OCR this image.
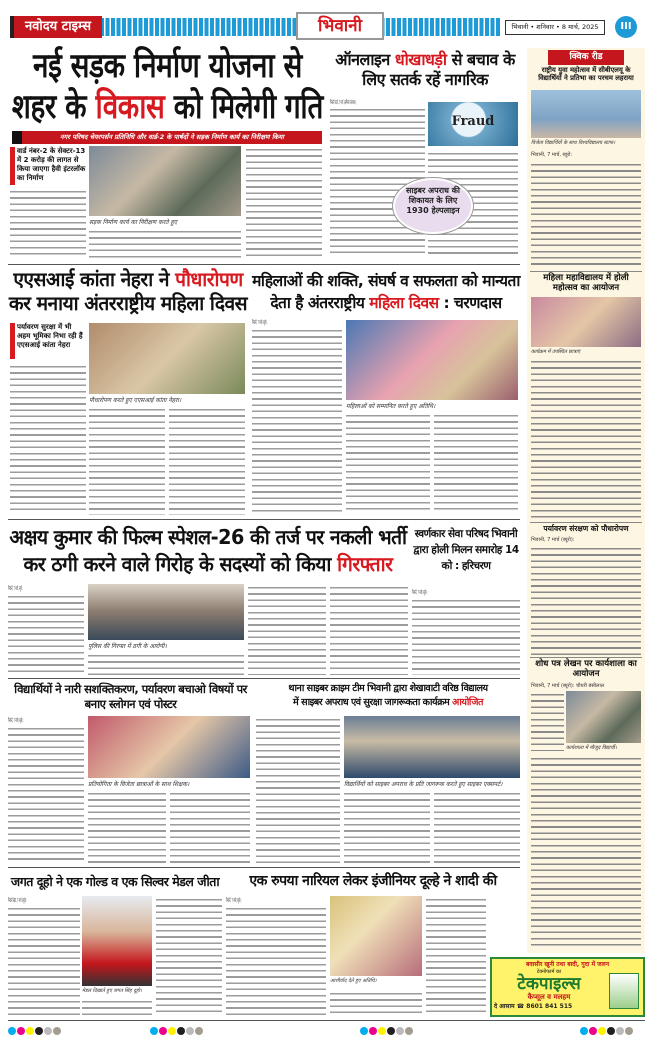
नवोदय टाइम्स	भिवानी	भिवानी • शनिवार • 8 मार्च, 2025	III
नई सड़क निर्माण योजना से
शहर के विकास को मिलेगी गति
नगर परिषद चेयरपर्सन प्रतिनिधि और वार्ड-2 के पार्षदों ने सड़क निर्माण कार्य का निरीक्षण किया
वार्ड नंबर-2 के सेक्टर-13 में 2 करोड़ की लागत से किया जाएगा हैवी इंटरलॉक का निर्माण
सड़क निर्माण कार्य का निरीक्षण करते हुए
ऑनलाइन धोखाधड़ी से बचाव के लिए सतर्क रहें नागरिक
भिवानी कार्ड, 7 मार्च (अभिनव सांगवान):
Fraud
साइबर अपराध की शिकायत के लिए 1930 हेल्पलाइन
क्विक रीड
राष्ट्रीय युवा महोत्सव में सीबीएलयू के विद्यार्थियों ने प्रतिभा का परचम लहराया
विजेता विद्यार्थियों के साथ विश्वविद्यालय स्टाफ।
भिवानी, 7 मार्च, ब्यूरो:
महिला महाविद्यालय में होली महोत्सव का आयोजन
कार्यक्रम में उपस्थित छात्राएं
पर्यावरण संरक्षण को पौधारोपण
भिवानी, 7 मार्च (ब्यूरो):
शोध पत्र लेखन पर कार्यशाला का आयोजन
भिवानी, 7 मार्च (ब्यूरो): चौधरी बंसीलाल
कार्यशाला में मौजूद विद्यार्थी।
एएसआई कांता नेहरा ने पौधारोपण
कर मनाया अंतरराष्ट्रीय महिला दिवस
पर्यावरण सुरक्षा में भी अहम भूमिका निभा रही हैं एएसआई कांता नेहरा
पौधारोपण करते हुए एएसआई कांता नेहरा।
महिलाओं की शक्ति, संघर्ष व सफलता को मान्यता
देता है अंतरराष्ट्रीय महिला दिवस : चरणदास
भिवानी, 7 मार्च (ब्यूरो):
महिलाओं को सम्मानित करते हुए अतिथि।
अक्षय कुमार की फिल्म स्पेशल-26 की तर्ज पर नकली भर्ती
कर ठगी करने वाले गिरोह के सदस्यों को किया गिरफ्तार
भिवानी, 7 मार्च, ब्यूरो:
पुलिस की गिरफ्त में ठगी के आरोपी।
स्वर्णकार सेवा परिषद भिवानी द्वारा होली मिलन समारोह 14 को : हरिचरण
भिवानी, 7 मार्च (ब्यूरो):
विद्यार्थियों ने नारी सशक्तिकरण, पर्यावरण बचाओ विषयों पर बनाए स्लोगन एवं पोस्टर
भिवानी, 7 मार्च (ब्यूरो):
प्रतियोगिता के विजेता छात्राओं के साथ शिक्षक।
थाना साइबर क्राइम टीम भिवानी द्वारा शेखावाटी वरिष्ठ विद्यालय
में साइबर अपराध एवं सुरक्षा जागरूकता कार्यक्रम आयोजित
विद्यार्थियों को साइबर अपराध के प्रति जागरूक करते हुए साइबर एक्सपर्ट।
जगत दूहो ने एक गोल्ड व एक सिल्वर मेडल जीता
भिवानी खेड़ा, 7 मार्च (ब्यूरो):
मेडल दिखाते हुए जगत सिंह दूहो।
एक रुपया नारियल लेकर इंजीनियर दूल्हे ने शादी की
भिवानी, 7 मार्च (ब्यूरो):
आशीर्वाद देते हुए अतिथि।
बवासीर खूनी तथा बादी, गुदा में जलन
टेक्नोफार्म का
टेकपाइल्स
कैप्सूल व मलहम
दे आसाम ☎ 8601 841 515
